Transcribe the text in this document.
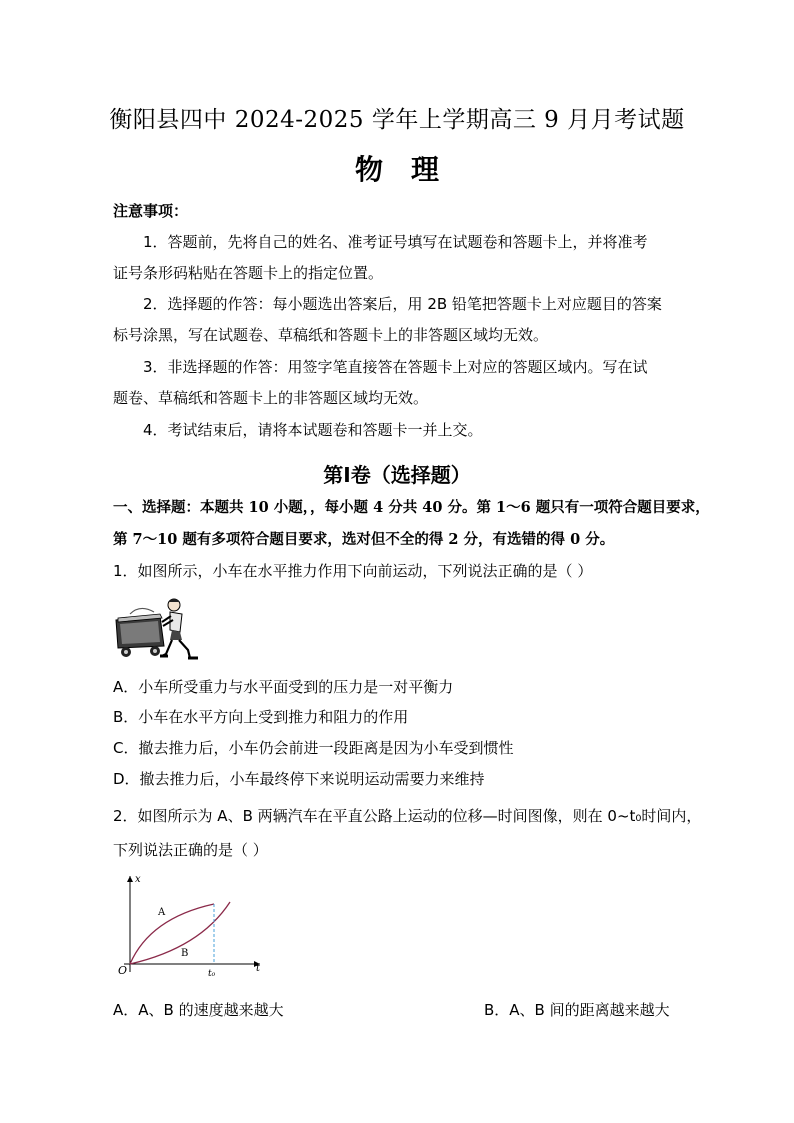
衡阳县四中 2024-2025 学年上学期高三 9 月月考试题
物理
注意事项：
1．答题前，先将自己的姓名、准考证号填写在试题卷和答题卡上，并将准考
证号条形码粘贴在答题卡上的指定位置。
2．选择题的作答：每小题选出答案后，用 2B 铅笔把答题卡上对应题目的答案
标号涂黑，写在试题卷、草稿纸和答题卡上的非答题区域均无效。
3．非选择题的作答：用签字笔直接答在答题卡上对应的答题区域内。写在试
题卷、草稿纸和答题卡上的非答题区域均无效。
4．考试结束后，请将本试题卷和答题卡一并上交。
第Ⅰ卷（选择题）
一、选择题：本题共 10 小题，，每小题 4 分共 40 分。第 1～6 题只有一项符合题目要求，
第 7～10 题有多项符合题目要求，选对但不全的得 2 分，有选错的得 0 分。
1．如图所示，小车在水平推力作用下向前运动，下列说法正确的是（ ）
A．小车所受重力与水平面受到的压力是一对平衡力
B．小车在水平方向上受到推力和阻力的作用
C．撤去推力后，小车仍会前进一段距离是因为小车受到惯性
D．撤去推力后，小车最终停下来说明运动需要力来维持
2．如图所示为 A、B 两辆汽车在平直公路上运动的位移—时间图像，则在 0~t₀时间内，
下列说法正确的是（ ）
x
t
O	t₀
A
B
A．A、B 的速度越来越大	B．A、B 间的距离越来越大
